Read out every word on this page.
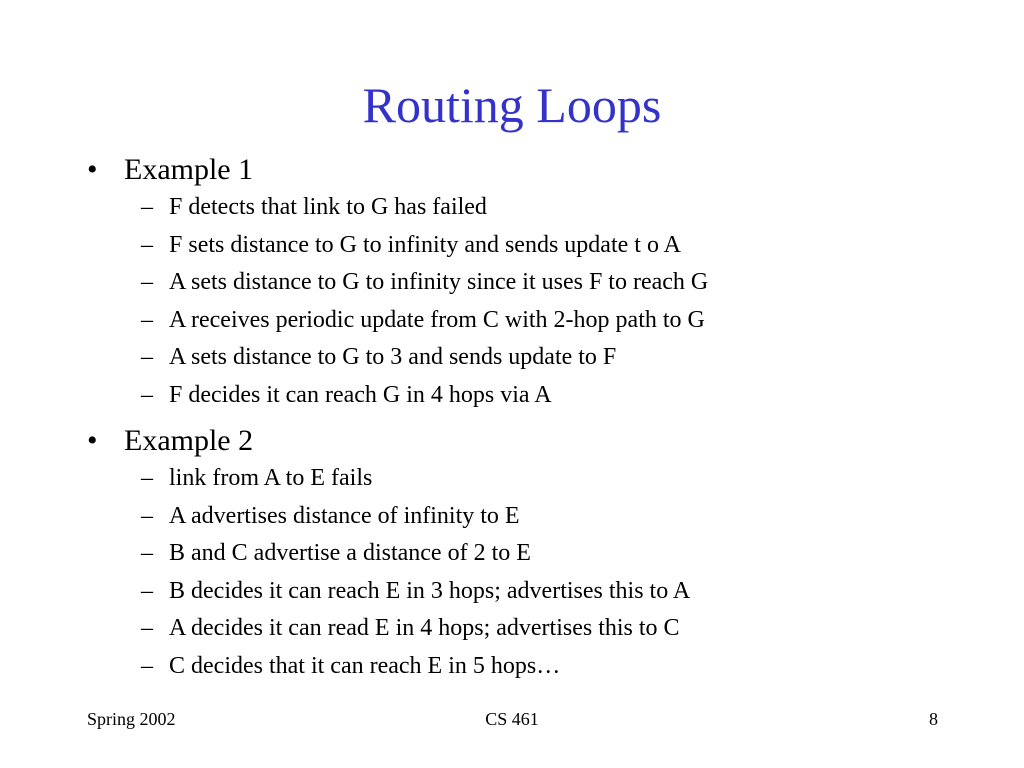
Routing Loops
• Example 1
– F detects that link to G has failed
– F sets distance to G to infinity and sends update t o A
– A sets distance to G to infinity since it uses F to reach G
– A receives periodic update from C with 2-hop path to G
– A sets distance to G to 3 and sends update to F
– F decides it can reach G in 4 hops via A
• Example 2
– link from A to E fails
– A advertises distance of infinity to E
– B and C advertise a distance of 2 to E
– B decides it can reach E in 3 hops; advertises this to A
– A decides it can read E in 4 hops; advertises this to C
– C decides that it can reach E in 5 hops…
Spring 2002	CS 461	8
